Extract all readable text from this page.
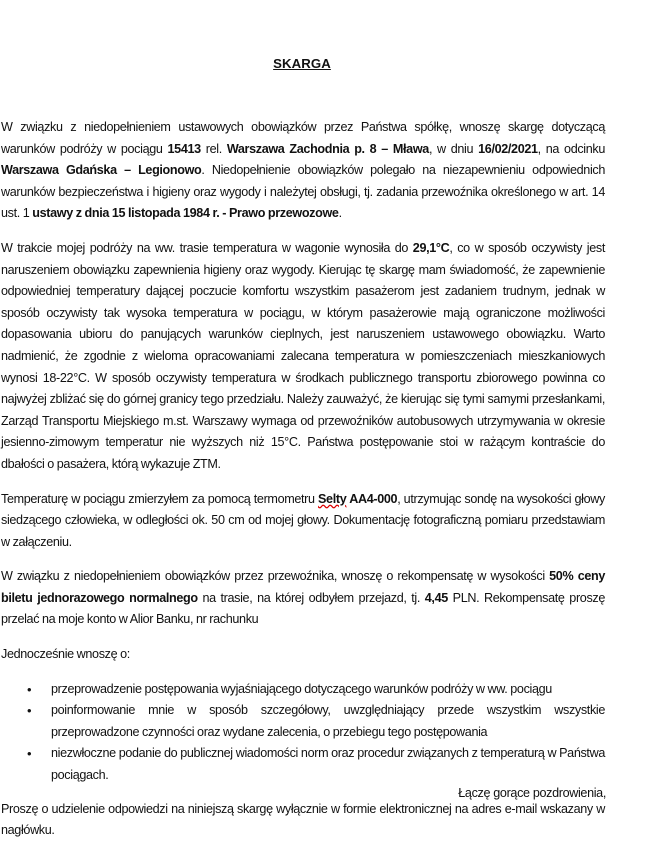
SKARGA

W związku z niedopełnieniem ustawowych obowiązków przez Państwa spółkę, wnoszę skargę dotyczącą warunków podróży w pociągu 15413 rel. Warszawa Zachodnia p. 8 – Mława, w dniu 16/02/2021, na odcinku Warszawa Gdańska – Legionowo. Niedopełnienie obowiązków polegało na niezapewnieniu odpowiednich warunków bezpieczeństwa i higieny oraz wygody i należytej obsługi, tj. zadania przewoźnika określonego w art. 14 ust. 1 ustawy z dnia 15 listopada 1984 r. - Prawo przewozowe.

W trakcie mojej podróży na ww. trasie temperatura w wagonie wynosiła do 29,1°C, co w sposób oczywisty jest naruszeniem obowiązku zapewnienia higieny oraz wygody. Kierując tę skargę mam świadomość, że zapewnienie odpowiedniej temperatury dającej poczucie komfortu wszystkim pasażerom jest zadaniem trudnym, jednak w sposób oczywisty tak wysoka temperatura w pociągu, w którym pasażerowie mają ograniczone możliwości dopasowania ubioru do panujących warunków cieplnych, jest naruszeniem ustawowego obowiązku. Warto nadmienić, że zgodnie z wieloma opracowaniami zalecana temperatura w pomieszczeniach mieszkaniowych wynosi 18-22°C. W sposób oczywisty temperatura w środkach publicznego transportu zbiorowego powinna co najwyżej zbliżać się do górnej granicy tego przedziału. Należy zauważyć, że kierując się tymi samymi przesłankami, Zarząd Transportu Miejskiego m.st. Warszawy wymaga od przewoźników autobusowych utrzymywania w okresie jesienno-zimowym temperatur nie wyższych niż 15°C. Państwa postępowanie stoi w rażącym kontraście do dbałości o pasażera, którą wykazuje ZTM.

Temperaturę w pociągu zmierzyłem za pomocą termometru Selty AA4-000, utrzymując sondę na wysokości głowy siedzącego człowieka, w odległości ok. 50 cm od mojej głowy. Dokumentację fotograficzną pomiaru przedstawiam w załączeniu.

W związku z niedopełnieniem obowiązków przez przewoźnika, wnoszę o rekompensatę w wysokości 50% ceny biletu jednorazowego normalnego na trasie, na której odbyłem przejazd, tj. 4,45 PLN. Rekompensatę proszę przelać na moje konto w Alior Banku, nr rachunku

Jednocześnie wnoszę o:

• przeprowadzenie postępowania wyjaśniającego dotyczącego warunków podróży w ww. pociągu
• poinformowanie mnie w sposób szczegółowy, uwzględniający przede wszystkim wszystkie przeprowadzone czynności oraz wydane zalecenia, o przebiegu tego postępowania
• niezwłoczne podanie do publicznej wiadomości norm oraz procedur związanych z temperaturą w Państwa pociągach.

Proszę o udzielenie odpowiedzi na niniejszą skargę wyłącznie w formie elektronicznej na adres e-mail wskazany w nagłówku.

Łączę gorące pozdrowienia,
